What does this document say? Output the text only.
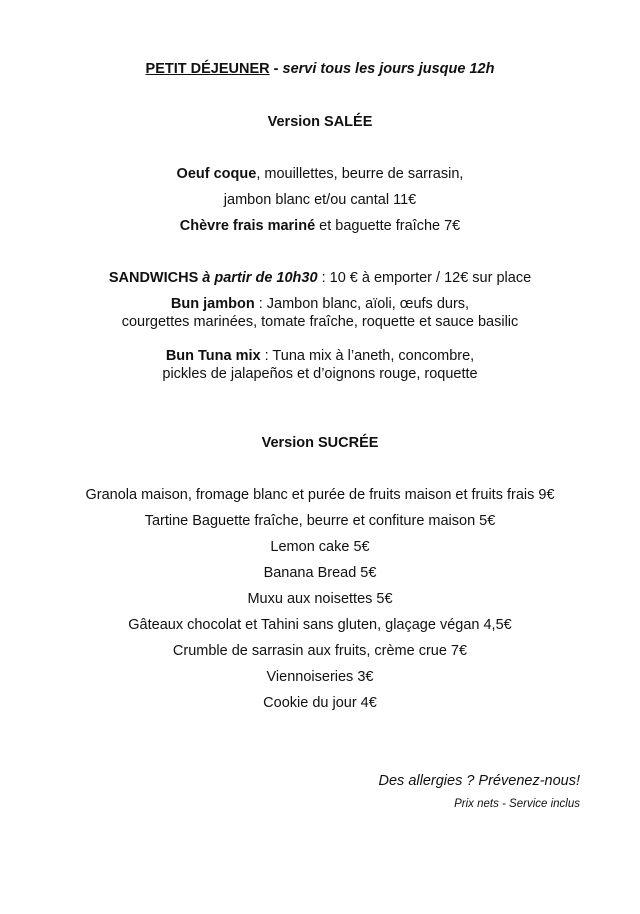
PETIT DÉJEUNER - servi tous les jours jusque 12h
Version SALÉE
Oeuf coque, mouillettes, beurre de sarrasin,
jambon blanc et/ou cantal 11€
Chèvre frais mariné et baguette fraîche 7€
SANDWICHS à partir de 10h30 : 10 € à emporter / 12€ sur place
Bun jambon : Jambon blanc, aïoli, œufs durs,
courgettes marinées, tomate fraîche, roquette et sauce basilic
Bun Tuna mix : Tuna mix à l’aneth, concombre,
pickles de jalapeños et d’oignons rouge, roquette
Version SUCRÉE
Granola maison, fromage blanc et purée de fruits maison et fruits frais 9€
Tartine Baguette fraîche, beurre et confiture maison 5€
Lemon cake 5€
Banana Bread 5€
Muxu aux noisettes 5€
Gâteaux chocolat et Tahini sans gluten, glaçage végan 4,5€
Crumble de sarrasin aux fruits, crème crue 7€
Viennoiseries 3€
Cookie du jour 4€
Des allergies ? Prévenez-nous!
Prix nets - Service inclus
